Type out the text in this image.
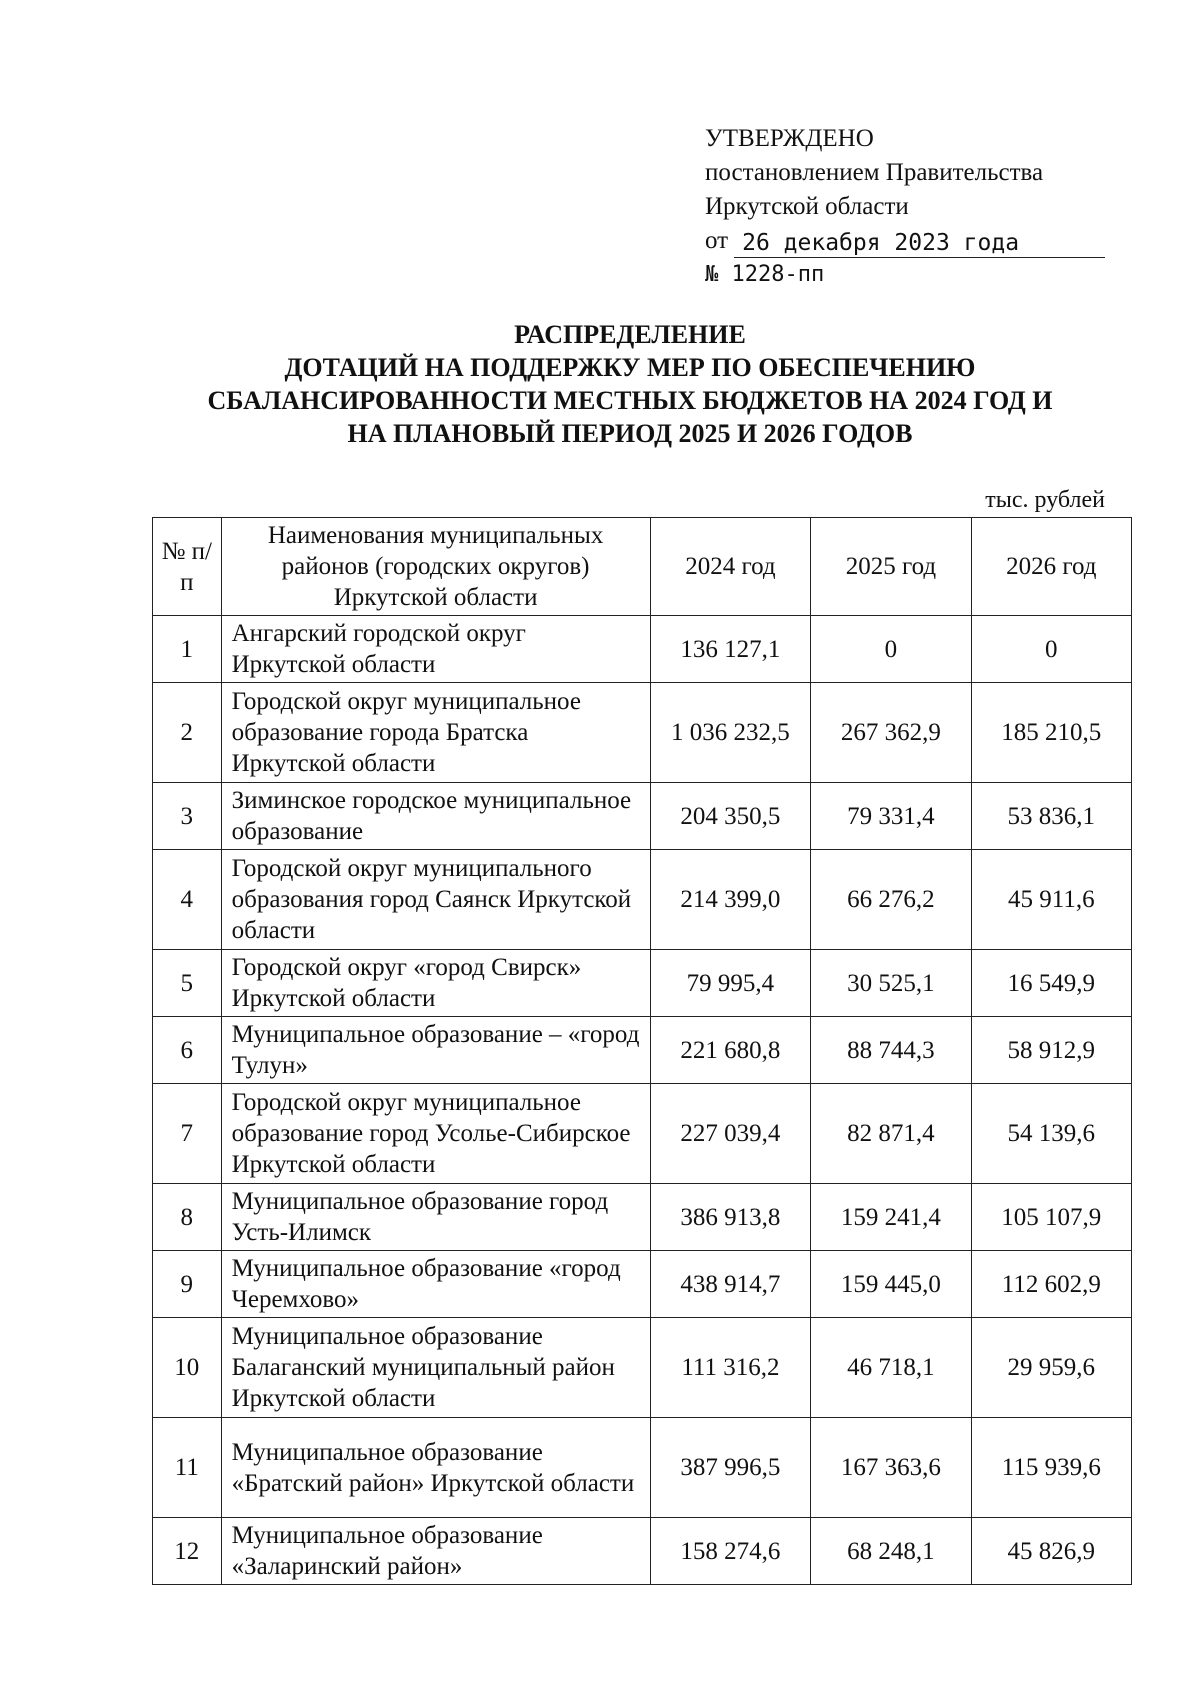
УТВЕРЖДЕНО
постановлением Правительства
Иркутской области
от 26 декабря 2023 года
№ 1228-пп
РАСПРЕДЕЛЕНИЕ
ДОТАЦИЙ НА ПОДДЕРЖКУ МЕР ПО ОБЕСПЕЧЕНИЮ
СБАЛАНСИРОВАННОСТИ МЕСТНЫХ БЮДЖЕТОВ НА 2024 ГОД И
НА ПЛАНОВЫЙ ПЕРИОД 2025 И 2026 ГОДОВ
тыс. рублей
№ п/п	Наименования муниципальных районов (городских округов) Иркутской области	2024 год	2025 год	2026 год
1	Ангарский городской округ Иркутской области	136 127,1	0	0
2	Городской округ муниципальное образование города Братска Иркутской области	1 036 232,5	267 362,9	185 210,5
3	Зиминское городское муниципальное образование	204 350,5	79 331,4	53 836,1
4	Городской округ муниципального образования город Саянск Иркутской области	214 399,0	66 276,2	45 911,6
5	Городской округ «город Свирск» Иркутской области	79 995,4	30 525,1	16 549,9
6	Муниципальное образование – «город Тулун»	221 680,8	88 744,3	58 912,9
7	Городской округ муниципальное образование город Усолье-Сибирское Иркутской области	227 039,4	82 871,4	54 139,6
8	Муниципальное образование город Усть-Илимск	386 913,8	159 241,4	105 107,9
9	Муниципальное образование «город Черемхово»	438 914,7	159 445,0	112 602,9
10	Муниципальное образование Балаганский муниципальный район Иркутской области	111 316,2	46 718,1	29 959,6
11	Муниципальное образование «Братский район» Иркутской области	387 996,5	167 363,6	115 939,6
12	Муниципальное образование «Заларинский район»	158 274,6	68 248,1	45 826,9
